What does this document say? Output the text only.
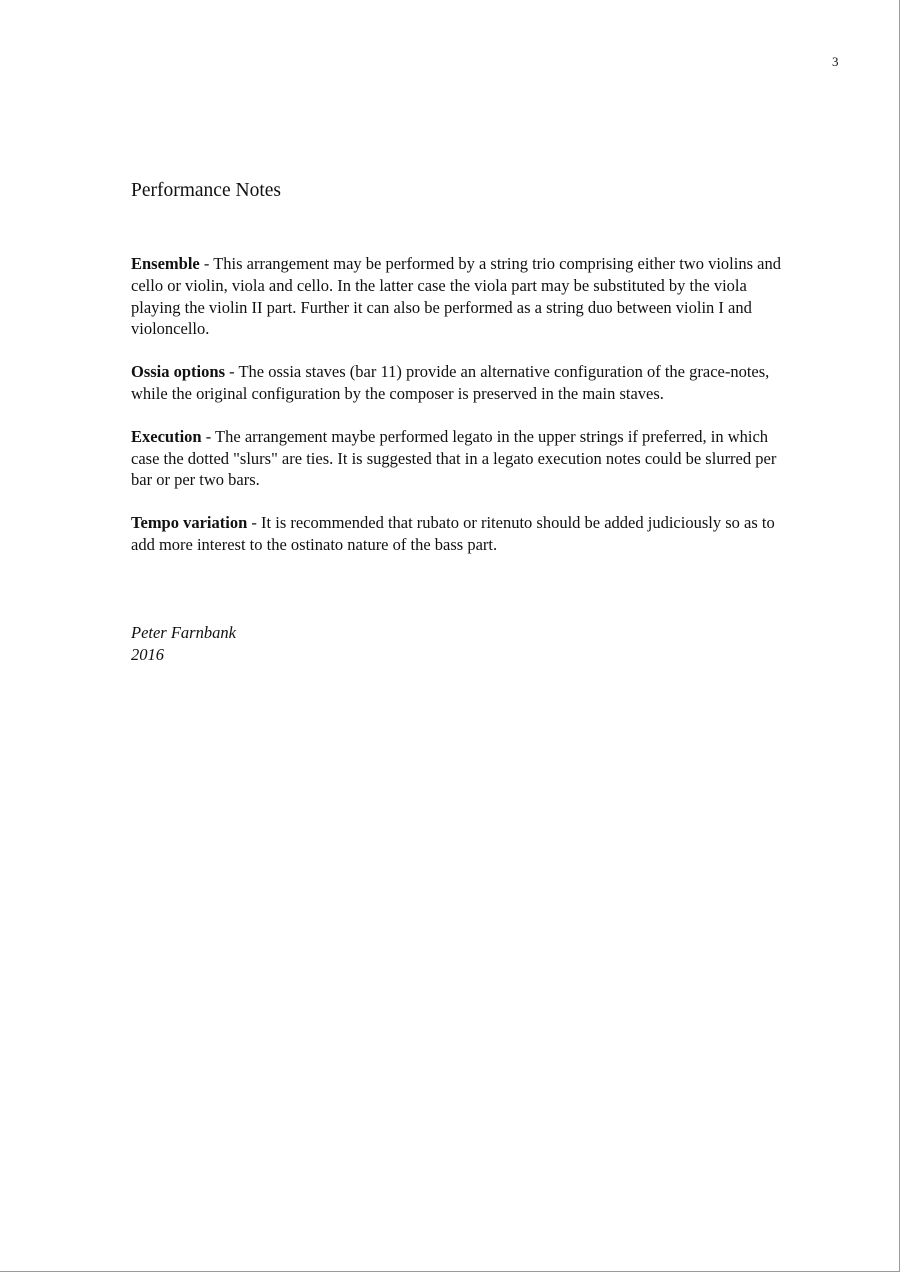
3
Performance Notes

Ensemble - This arrangement may be performed by a string trio comprising either two violins and cello or violin, viola and cello. In the latter case the viola part may be substituted by the viola playing the violin II part. Further it can also be performed as a string duo between violin I and violoncello.

Ossia options - The ossia staves (bar 11) provide an alternative configuration of the grace-notes, while the original configuration by the composer is preserved in the main staves.

Execution - The arrangement maybe performed legato in the upper strings if preferred, in which case the dotted "slurs" are ties. It is suggested that in a legato execution notes could be slurred per bar or per two bars.

Tempo variation - It is recommended that rubato or ritenuto should be added judiciously so as to add more interest to the ostinato nature of the bass part.

Peter Farnbank
2016
